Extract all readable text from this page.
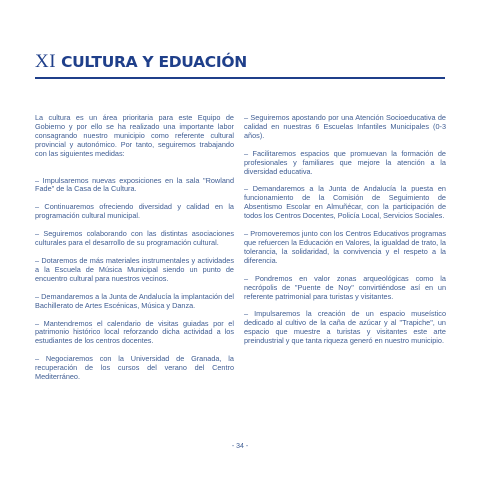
XI CULTURA Y EDUACIÓN

La cultura es un área prioritaria para este Equipo de Gobierno y por ello se ha realizado una importante labor consagrando nuestro municipio como referente cultural provincial y autonómico. Por tanto, seguiremos trabajando con las siguientes medidas:

– Impulsaremos nuevas exposiciones en la sala "Rowland Fade" de la Casa de la Cultura.

– Continuaremos ofreciendo diversidad y calidad en la programación cultural municipal.

– Seguiremos colaborando con las distintas asociaciones culturales para el desarrollo de su programación cultural.

– Dotaremos de más materiales instrumentales y actividades a la Escuela de Música Municipal siendo un punto de encuentro cultural para nuestros vecinos.

– Demandaremos a la Junta de Andalucía la implantación del Bachillerato de Artes Escénicas, Música y Danza.

– Mantendremos el calendario de visitas guiadas por el patrimonio histórico local reforzando dicha actividad a los estudiantes de los centros docentes.

– Negociaremos con la Universidad de Granada, la recuperación de los cursos del verano del Centro Mediterráneo.

– Seguiremos apostando por una Atención Socioeducativa de calidad en nuestras 6 Escuelas Infantiles Municipales (0-3 años).

– Facilitaremos espacios que promuevan la formación de profesionales y familiares que mejore la atención a la diversidad educativa.

– Demandaremos a la Junta de Andalucía la puesta en funcionamiento de la Comisión de Seguimiento de Absentismo Escolar en Almuñécar, con la participación de todos los Centros Docentes, Policía Local, Servicios Sociales.

– Promoveremos junto con los Centros Educativos programas que refuercen la Educación en Valores, la igualdad de trato, la tolerancia, la solidaridad, la convivencia y el respeto a la diferencia.

– Pondremos en valor zonas arqueológicas como la necrópolis de "Puente de Noy" convirtiéndose así en un referente patrimonial para turistas y visitantes.

– Impulsaremos la creación de un espacio museístico dedicado al cultivo de la caña de azúcar y al "Trapiche", un espacio que muestre a turistas y visitantes este arte preindustrial y que tanta riqueza generó en nuestro municipio.

- 34 -
